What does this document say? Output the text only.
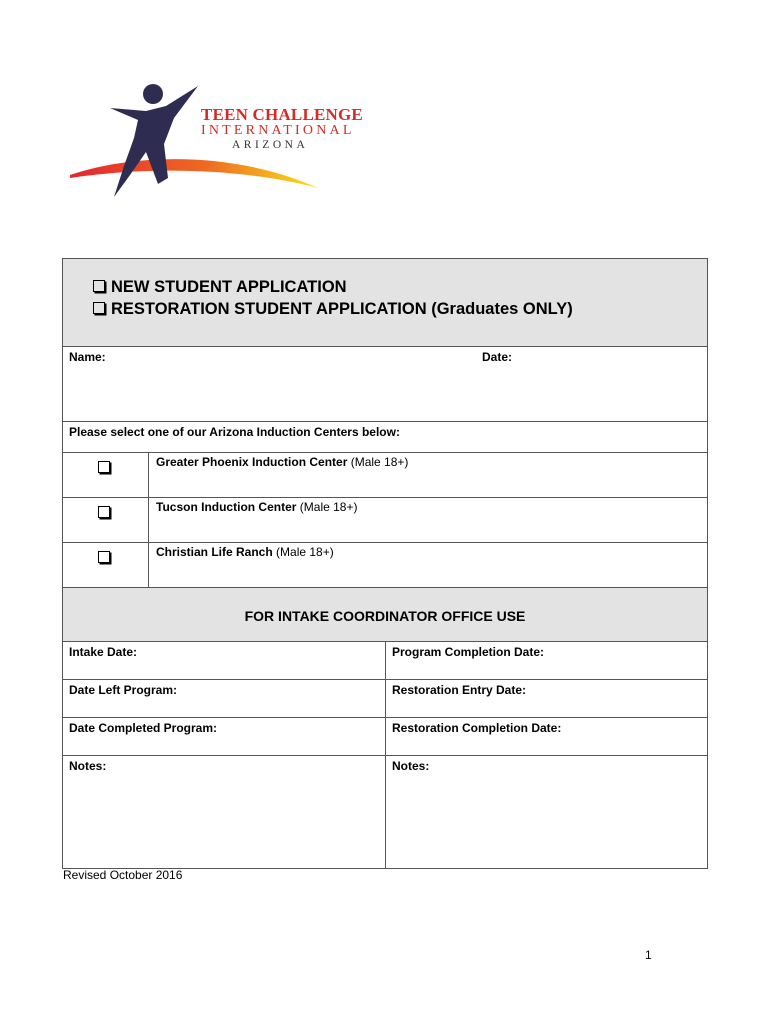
TEEN CHALLENGE
INTERNATIONAL
ARIZONA
NEW STUDENT APPLICATION
RESTORATION STUDENT APPLICATION (Graduates ONLY)
Name:	Date:
Please select one of our Arizona Induction Centers below:
Greater Phoenix Induction Center (Male 18+)
Tucson Induction Center (Male 18+)
Christian Life Ranch (Male 18+)
FOR INTAKE COORDINATOR OFFICE USE
Intake Date:	Program Completion Date:
Date Left Program:	Restoration Entry Date:
Date Completed Program:	Restoration Completion Date:
Notes:	Notes:
Revised October 2016
1
